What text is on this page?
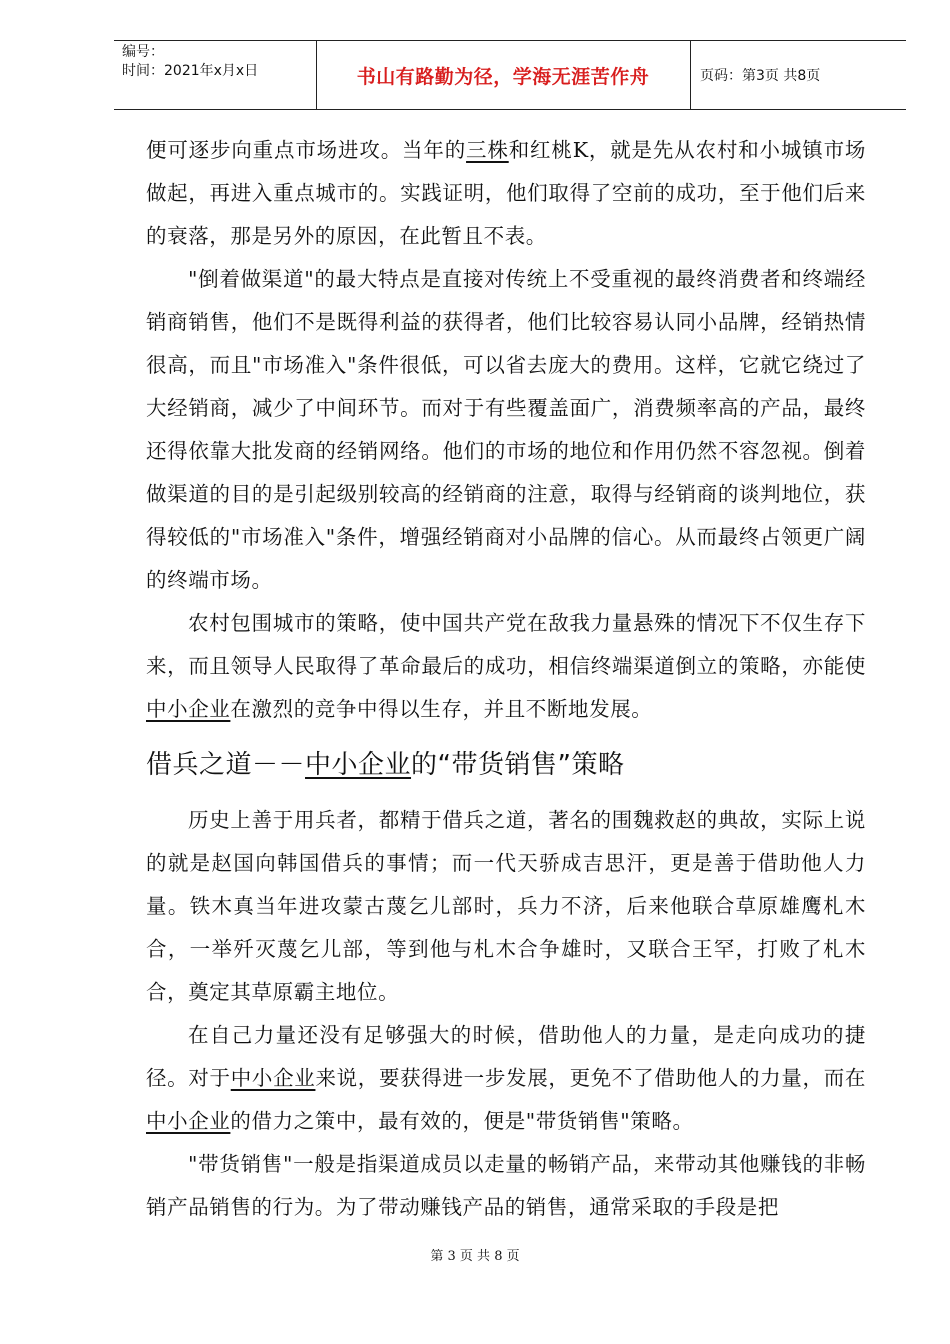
编号：
时间：2021年x月x日	书山有路勤为径，学海无涯苦作舟	页码：第3页 共8页

便可逐步向重点市场进攻。当年的三株和红桃K，就是先从农村和小城镇市场做起，再进入重点城市的。实践证明，他们取得了空前的成功，至于他们后来的衰落，那是另外的原因，在此暂且不表。

"倒着做渠道"的最大特点是直接对传统上不受重视的最终消费者和终端经销商销售，他们不是既得利益的获得者，他们比较容易认同小品牌，经销热情很高，而且"市场准入"条件很低，可以省去庞大的费用。这样，它就它绕过了大经销商，减少了中间环节。而对于有些覆盖面广，消费频率高的产品，最终还得依靠大批发商的经销网络。他们的市场的地位和作用仍然不容忽视。倒着做渠道的目的是引起级别较高的经销商的注意，取得与经销商的谈判地位，获得较低的"市场准入"条件，增强经销商对小品牌的信心。从而最终占领更广阔的终端市场。

农村包围城市的策略，使中国共产党在敌我力量悬殊的情况下不仅生存下来，而且领导人民取得了革命最后的成功，相信终端渠道倒立的策略，亦能使中小企业在激烈的竞争中得以生存，并且不断地发展。

借兵之道－－中小企业的“带货销售”策略

历史上善于用兵者，都精于借兵之道，著名的围魏救赵的典故，实际上说的就是赵国向韩国借兵的事情；而一代天骄成吉思汗，更是善于借助他人力量。铁木真当年进攻蒙古蔑乞儿部时，兵力不济，后来他联合草原雄鹰札木合，一举歼灭蔑乞儿部，等到他与札木合争雄时，又联合王罕，打败了札木合，奠定其草原霸主地位。

在自己力量还没有足够强大的时候，借助他人的力量，是走向成功的捷径。对于中小企业来说，要获得进一步发展，更免不了借助他人的力量，而在中小企业的借力之策中，最有效的，便是"带货销售"策略。

"带货销售"一般是指渠道成员以走量的畅销产品，来带动其他赚钱的非畅销产品销售的行为。为了带动赚钱产品的销售，通常采取的手段是把

第 3 页 共 8 页
